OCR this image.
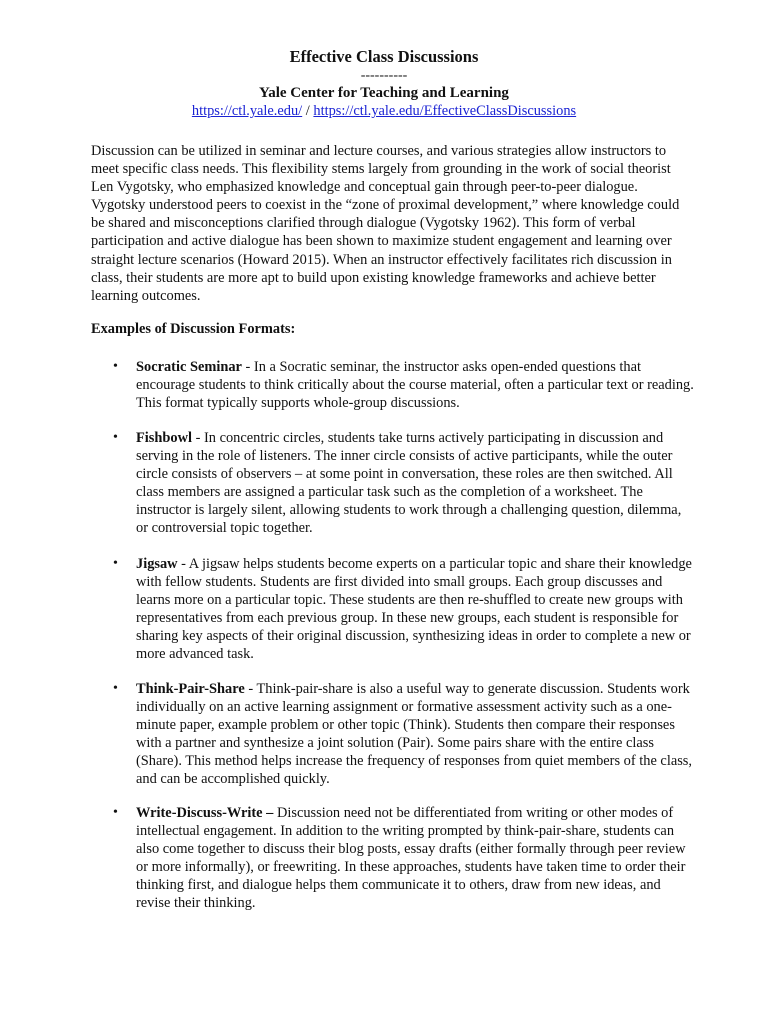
Effective Class Discussions

----------

Yale Center for Teaching and Learning

https://ctl.yale.edu/ / https://ctl.yale.edu/EffectiveClassDiscussions

Discussion can be utilized in seminar and lecture courses, and various strategies allow instructors to meet specific class needs. This flexibility stems largely from grounding in the work of social theorist Len Vygotsky, who emphasized knowledge and conceptual gain through peer-to-peer dialogue. Vygotsky understood peers to coexist in the “zone of proximal development,” where knowledge could be shared and misconceptions clarified through dialogue (Vygotsky 1962). This form of verbal participation and active dialogue has been shown to maximize student engagement and learning over straight lecture scenarios (Howard 2015). When an instructor effectively facilitates rich discussion in class, their students are more apt to build upon existing knowledge frameworks and achieve better learning outcomes.

Examples of Discussion Formats:

• Socratic Seminar - In a Socratic seminar, the instructor asks open-ended questions that encourage students to think critically about the course material, often a particular text or reading. This format typically supports whole-group discussions.

• Fishbowl - In concentric circles, students take turns actively participating in discussion and serving in the role of listeners. The inner circle consists of active participants, while the outer circle consists of observers – at some point in conversation, these roles are then switched. All class members are assigned a particular task such as the completion of a worksheet. The instructor is largely silent, allowing students to work through a challenging question, dilemma, or controversial topic together.

• Jigsaw - A jigsaw helps students become experts on a particular topic and share their knowledge with fellow students. Students are first divided into small groups. Each group discusses and learns more on a particular topic. These students are then re-shuffled to create new groups with representatives from each previous group. In these new groups, each student is responsible for sharing key aspects of their original discussion, synthesizing ideas in order to complete a new or more advanced task.

• Think-Pair-Share - Think-pair-share is also a useful way to generate discussion. Students work individually on an active learning assignment or formative assessment activity such as a one-minute paper, example problem or other topic (Think). Students then compare their responses with a partner and synthesize a joint solution (Pair). Some pairs share with the entire class (Share). This method helps increase the frequency of responses from quiet members of the class, and can be accomplished quickly.

• Write-Discuss-Write – Discussion need not be differentiated from writing or other modes of intellectual engagement. In addition to the writing prompted by think-pair-share, students can also come together to discuss their blog posts, essay drafts (either formally through peer review or more informally), or freewriting. In these approaches, students have taken time to order their thinking first, and dialogue helps them communicate it to others, draw from new ideas, and revise their thinking.
